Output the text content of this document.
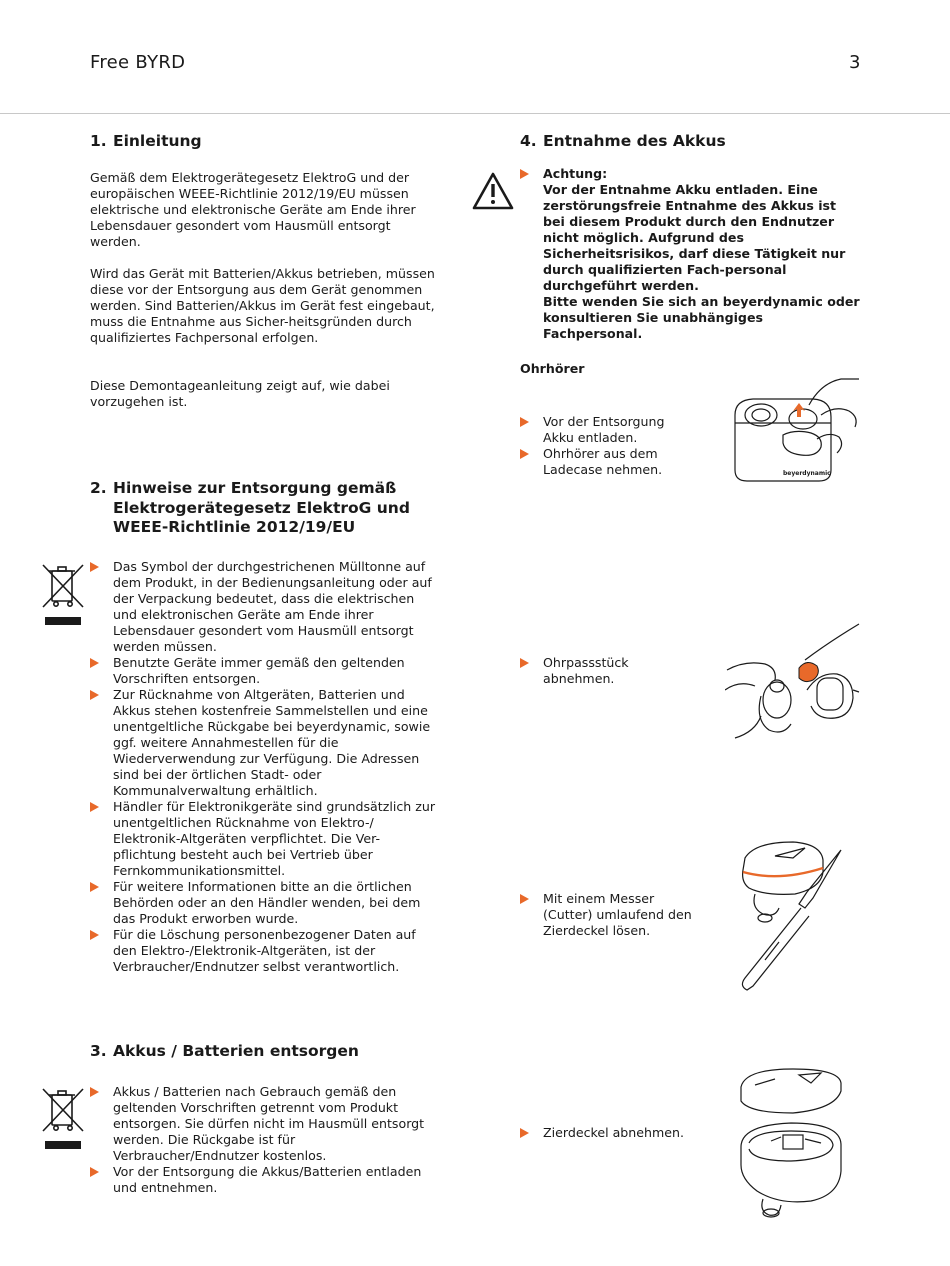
Free BYRD	3
1. Einleitung
Gemäß dem Elektrogerätegesetz ElektroG und der europäischen WEEE-Richtlinie 2012/19/EU müssen elektrische und elektronische Geräte am Ende ihrer Lebensdauer gesondert vom Hausmüll entsorgt werden.
Wird das Gerät mit Batterien/Akkus betrieben, müssen diese vor der Entsorgung aus dem Gerät genommen werden. Sind Batterien/Akkus im Gerät fest eingebaut, muss die Entnahme aus Sicher-heitsgründen durch qualifiziertes Fachpersonal erfolgen.
Diese Demontageanleitung zeigt auf, wie dabei vorzugehen ist.
2. Hinweise zur Entsorgung gemäß Elektrogerätegesetz ElektroG und WEEE-Richtlinie 2012/19/EU
Das Symbol der durchgestrichenen Mülltonne auf dem Produkt, in der Bedienungsanleitung oder auf der Verpackung bedeutet, dass die elektrischen und elektronischen Geräte am Ende ihrer Lebensdauer gesondert vom Hausmüll entsorgt werden müssen.
Benutzte Geräte immer gemäß den geltenden Vorschriften entsorgen.
Zur Rücknahme von Altgeräten, Batterien und Akkus stehen kostenfreie Sammelstellen und eine unentgeltliche Rückgabe bei beyerdynamic, sowie ggf. weitere Annahmestellen für die Wiederverwendung zur Verfügung. Die Adressen sind bei der örtlichen Stadt- oder Kommunalverwaltung erhältlich.
Händler für Elektronikgeräte sind grundsätzlich zur unentgeltlichen Rücknahme von Elektro-/ Elektronik-Altgeräten verpflichtet. Die Ver-pflichtung besteht auch bei Vertrieb über Fernkommunikationsmittel.
Für weitere Informationen bitte an die örtlichen Behörden oder an den Händler wenden, bei dem das Produkt erworben wurde.
Für die Löschung personenbezogener Daten auf den Elektro-/Elektronik-Altgeräten, ist der Verbraucher/Endnutzer selbst verantwortlich.
3. Akkus / Batterien entsorgen
Akkus / Batterien nach Gebrauch gemäß den geltenden Vorschriften getrennt vom Produkt entsorgen. Sie dürfen nicht im Hausmüll entsorgt werden. Die Rückgabe ist für Verbraucher/Endnutzer kostenlos.
Vor der Entsorgung die Akkus/Batterien entladen und entnehmen.
4. Entnahme des Akkus
Achtung:
Vor der Entnahme Akku entladen. Eine zerstörungsfreie Entnahme des Akkus ist bei diesem Produkt durch den Endnutzer nicht möglich. Aufgrund des Sicherheitsrisikos, darf diese Tätigkeit nur durch qualifizierten Fach-personal durchgeführt werden.
Bitte wenden Sie sich an beyerdynamic oder konsultieren Sie unabhängiges Fachpersonal.
Ohrhörer
Vor der Entsorgung Akku entladen.
Ohrhörer aus dem Ladecase nehmen.
Ohrpassstück abnehmen.
Mit einem Messer (Cutter) umlaufend den Zierdeckel lösen.
Zierdeckel abnehmen.
beyerdynamic
